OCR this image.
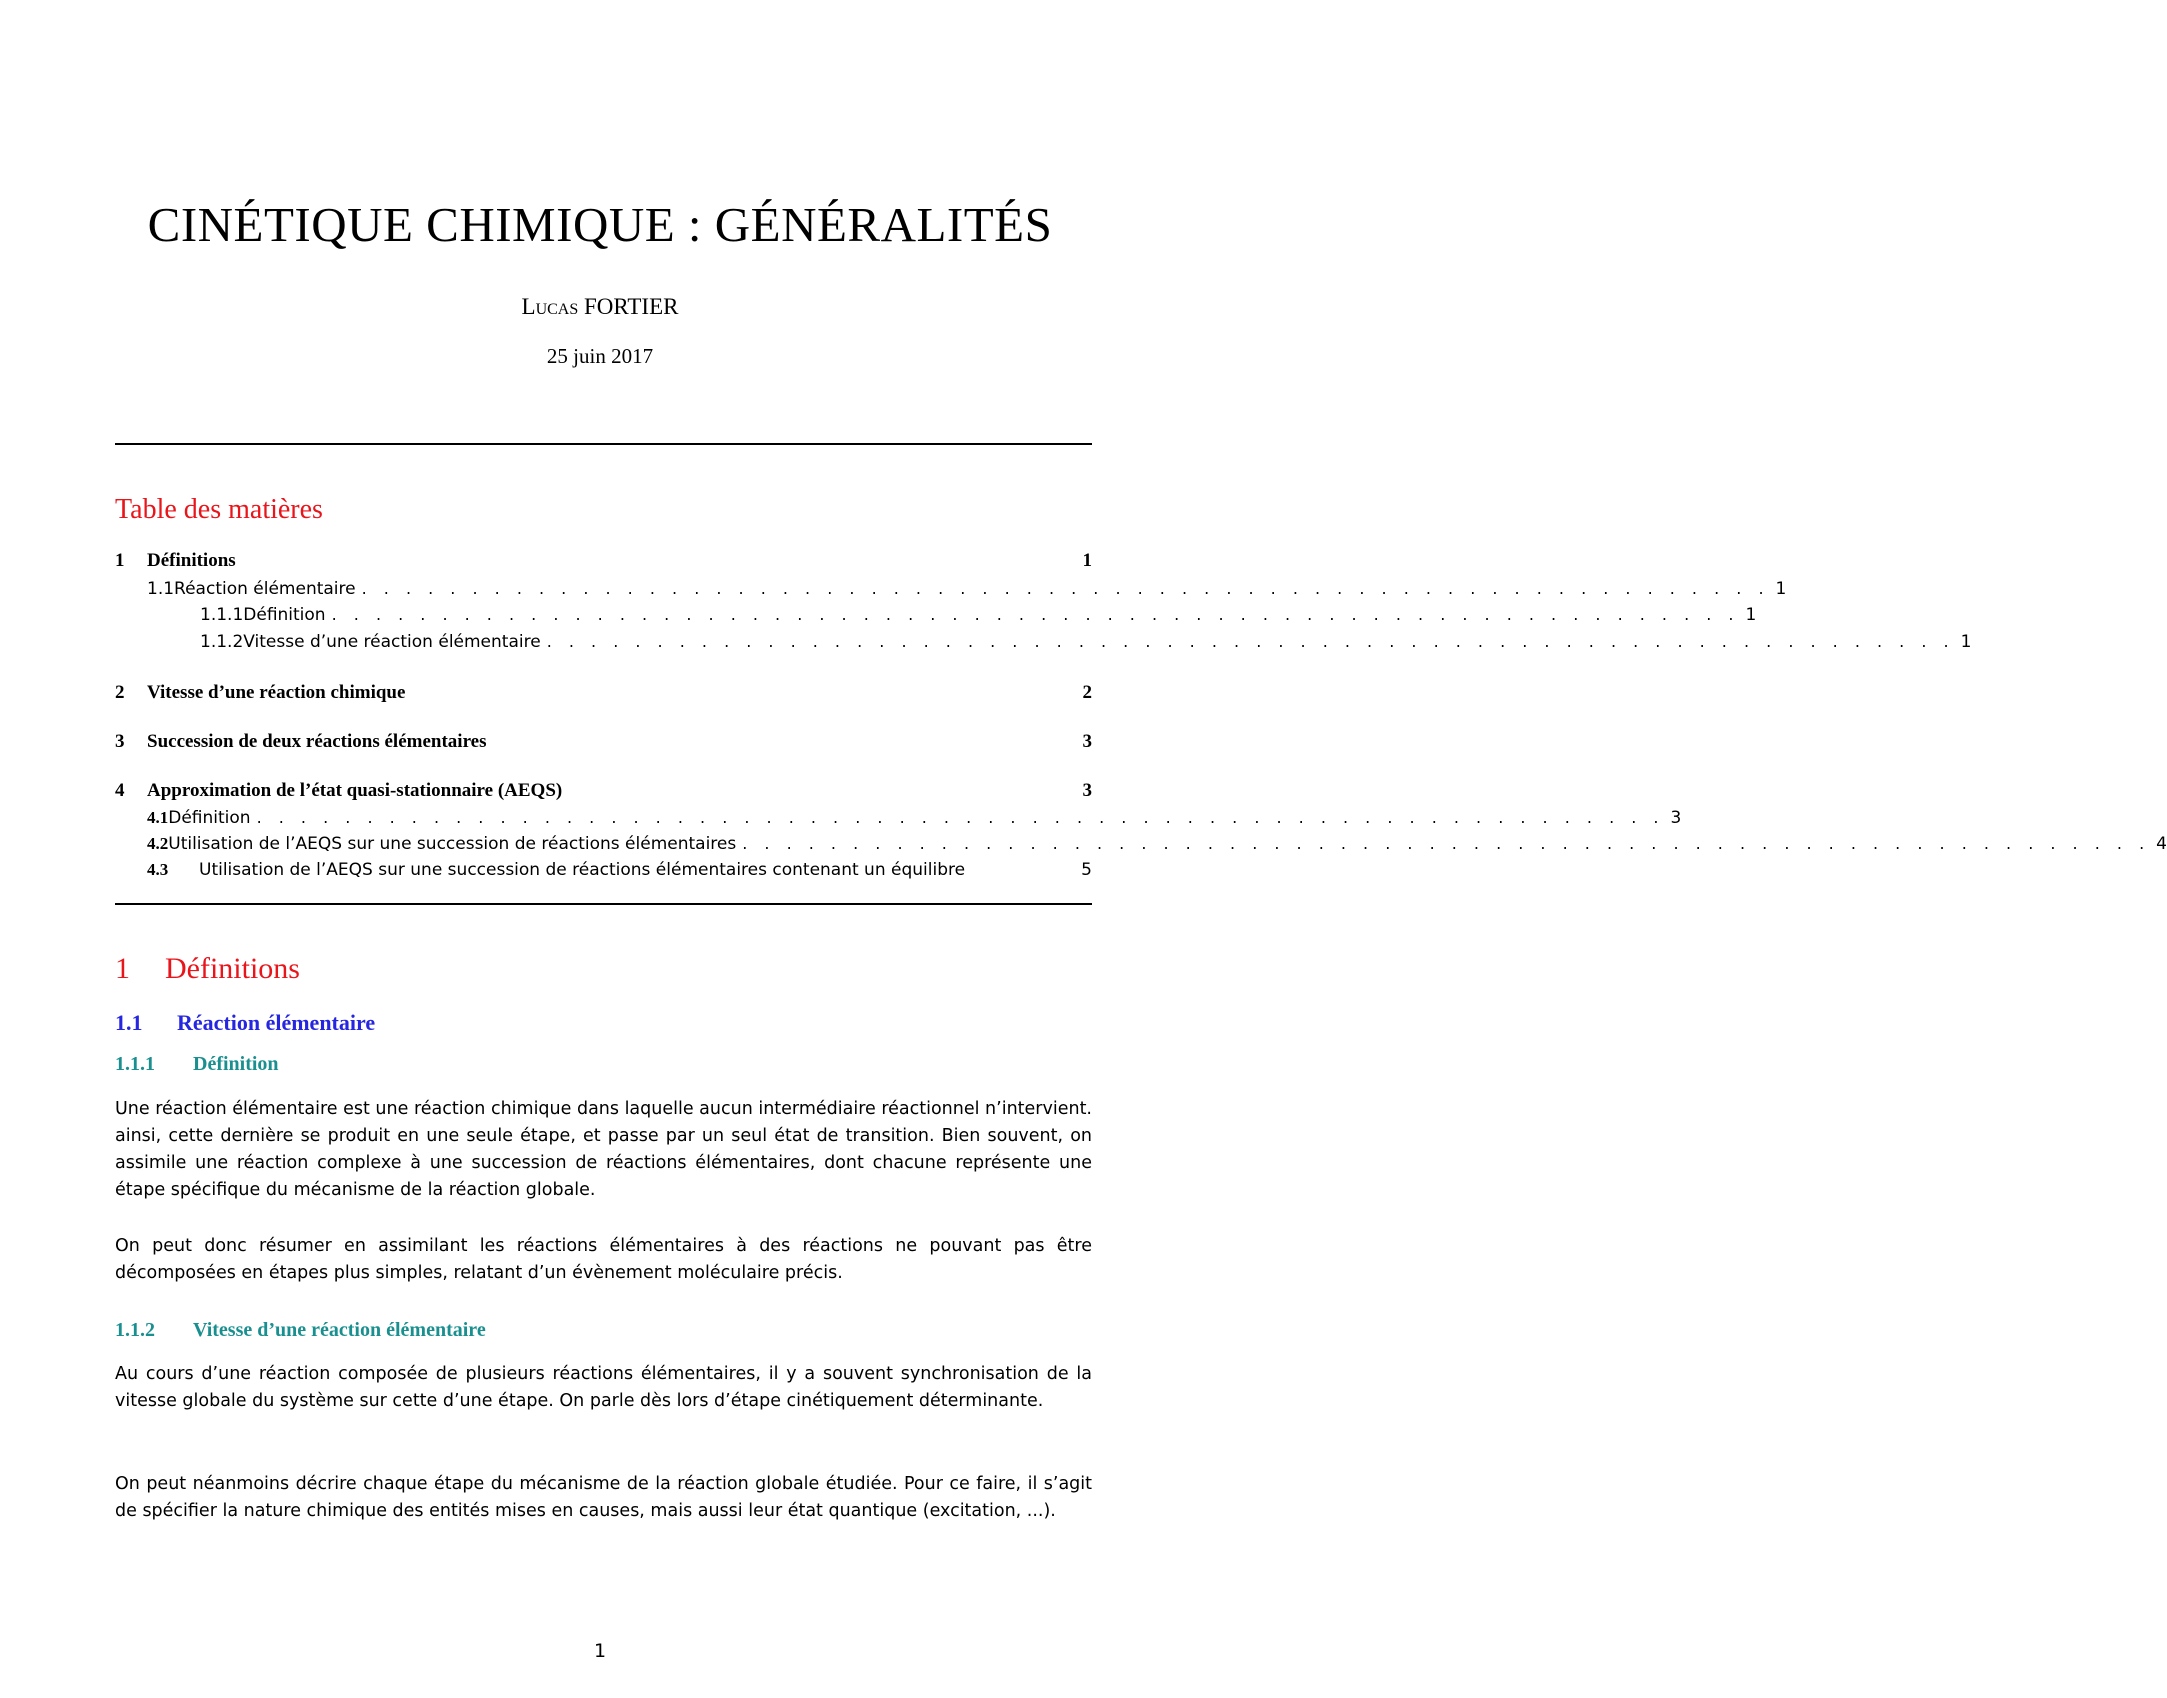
CINÉTIQUE CHIMIQUE : GÉNÉRALITÉS
Lucas FORTIER
25 juin 2017
Table des matières
1	Définitions	1
1.1 Réaction élémentaire . . . . . . . . . . . . . . . . . . . . . . . . . . . . . . . . . . . . . . . . . . . . . . . . . . . . . . . . . . . . . . . . 1
1.1.1 Définition . . . . . . . . . . . . . . . . . . . . . . . . . . . . . . . . . . . . . . . . . . . . . . . . . . . . . . . . . . . . . . . . 1
1.1.2 Vitesse d’une réaction élémentaire . . . . . . . . . . . . . . . . . . . . . . . . . . . . . . . . . . . . . . . . . . . . . . . . . . . . . . . . . . . . . . . . 1
2	Vitesse d’une réaction chimique	2
3	Succession de deux réactions élémentaires	3
4	Approximation de l’état quasi-stationnaire (AEQS)	3
4.1 Définition . . . . . . . . . . . . . . . . . . . . . . . . . . . . . . . . . . . . . . . . . . . . . . . . . . . . . . . . . . . . . . . . 3
4.2 Utilisation de l’AEQS sur une succession de réactions élémentaires . . . . . . . . . . . . . . . . . . . . . . . . . . . . . . . . . . . . . . . . . . . . . . . . . . . . . . . . . . . . . . . . 4
4.3	Utilisation de l’AEQS sur une succession de réactions élémentaires contenant un équilibre	5
1 Définitions
1.1 Réaction élémentaire
1.1.1 Définition
Une réaction élémentaire est une réaction chimique dans laquelle aucun intermédiaire réactionnel n’intervient. ainsi, cette dernière se produit en une seule étape, et passe par un seul état de transition. Bien souvent, on assimile une réaction complexe à une succession de réactions élémentaires, dont chacune représente une étape spécifique du mécanisme de la réaction globale.
On peut donc résumer en assimilant les réactions élémentaires à des réactions ne pouvant pas être décomposées en étapes plus simples, relatant d’un évènement moléculaire précis.
1.1.2 Vitesse d’une réaction élémentaire
Au cours d’une réaction composée de plusieurs réactions élémentaires, il y a souvent synchronisation de la vitesse globale du système sur cette d’une étape. On parle dès lors d’étape cinétiquement déterminante.
On peut néanmoins décrire chaque étape du mécanisme de la réaction globale étudiée. Pour ce faire, il s’agit de spécifier la nature chimique des entités mises en causes, mais aussi leur état quantique (excitation, ...).
1
